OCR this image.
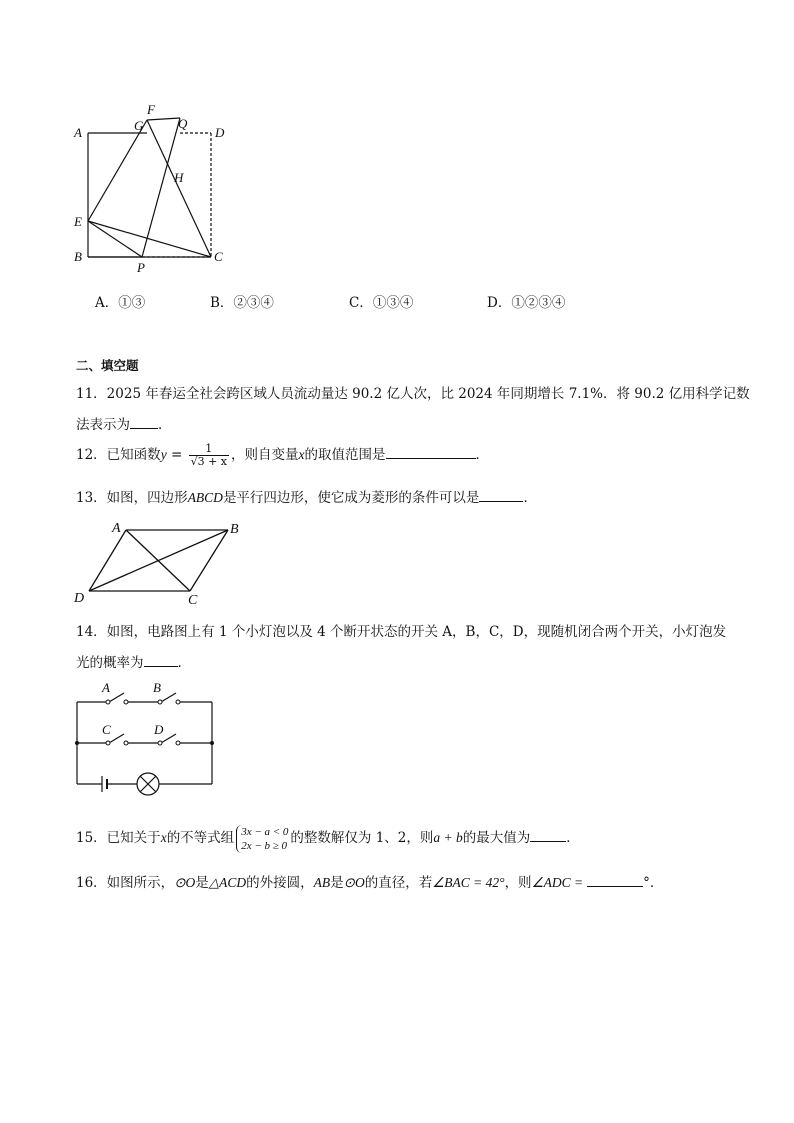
A
B	C
D
E
F
G	Q
H
P
A．①③	B．②③④	C．①③④	D．①②③④
二、填空题
11．2025 年春运全社会跨区域人员流动量达 90.2 亿人次，比 2024 年同期增长 7.1%．将 90.2 亿用科学记数
法表示为 ．
12．已知函数$y = \frac{1}{√3 + x}$ ，则自变量x的取值范围是	．
13．如图，四边形ABCD是平行四边形，使它成为菱形的条件可以是	．
A	B
C
D
14．如图，电路图上有 1 个小灯泡以及 4 个断开状态的开关 A，B，C，D，现随机闭合两个开关，小灯泡发
光的概率为	．
A	B
C	D
15．已知关于x的不等式组 3x − a < 0
2x − b ≥ 0 的整数解仅为 1、2，则a + b的最大值为	．
16．如图所示，⊙O是△ACD的外接圆，AB是⊙O的直径，若∠BAC = 42°，则∠ADC =	°．
